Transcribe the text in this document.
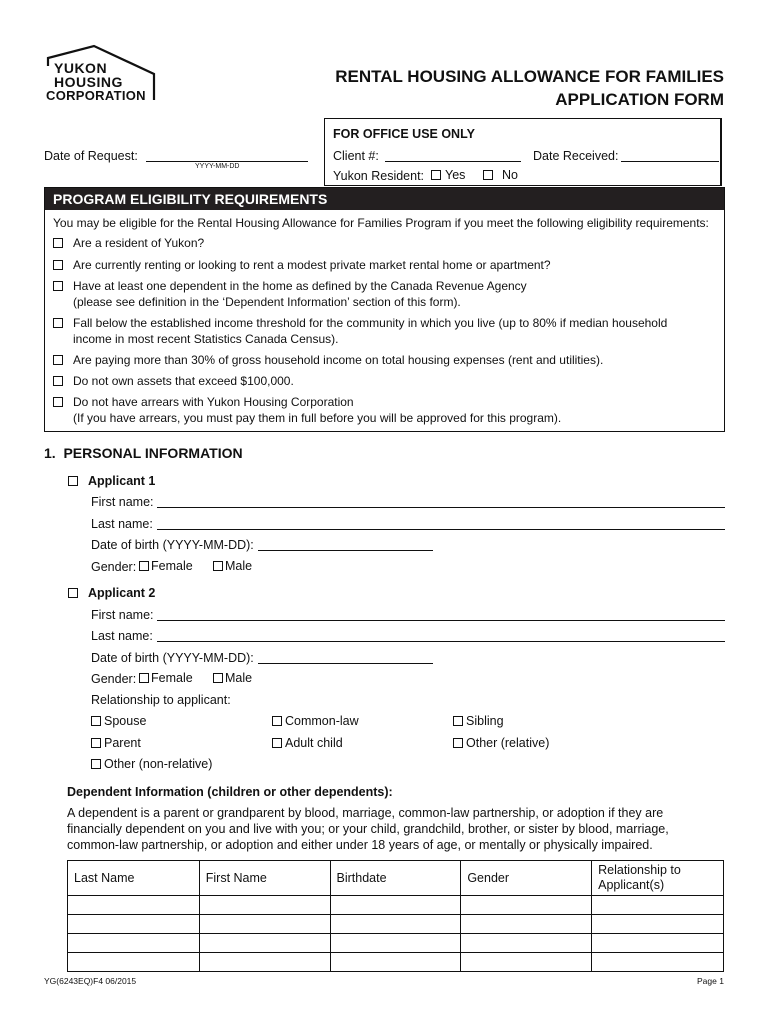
YUKON
HOUSING
CORPORATION
RENTAL HOUSING ALLOWANCE FOR FAMILIES
APPLICATION FORM
Date of Request:
YYYY-MM-DD
FOR OFFICE USE ONLY
Client #:	Date Received:
Yukon Resident:	Yes	No
PROGRAM ELIGIBILITY REQUIREMENTS
You may be eligible for the Rental Housing Allowance for Families Program if you meet the following eligibility requirements:
Are a resident of Yukon?
Are currently renting or looking to rent a modest private market rental home or apartment?
Have at least one dependent in the home as defined by the Canada Revenue Agency
(please see definition in the ‘Dependent Information’ section of this form).
Fall below the established income threshold for the community in which you live (up to 80% if median household
income in most recent Statistics Canada Census).
Are paying more than 30% of gross household income on total housing expenses (rent and utilities).
Do not own assets that exceed $100,000.
Do not have arrears with Yukon Housing Corporation
(If you have arrears, you must pay them in full before you will be approved for this program).
1.  PERSONAL INFORMATION
Applicant 1
First name:
Last name:
Date of birth (YYYY-MM-DD):
Gender:	Female	Male
Applicant 2
First name:
Last name:
Date of birth (YYYY-MM-DD):
Gender:	Female	Male
Relationship to applicant:
Spouse	Common-law	Sibling
Parent	Adult child	Other (relative)
Other (non-relative)
Dependent Information (children or other dependents):
A dependent is a parent or grandparent by blood, marriage, common-law partnership, or adoption if they are
financially dependent on you and live with you; or your child, grandchild, brother, or sister by blood, marriage,
common-law partnership, or adoption and either under 18 years of age, or mentally or physically impaired.
Last Name	First Name	Birthdate	Gender	Relationship to
Applicant(s)

YG(6243EQ)F4 06/2015	Page 1
